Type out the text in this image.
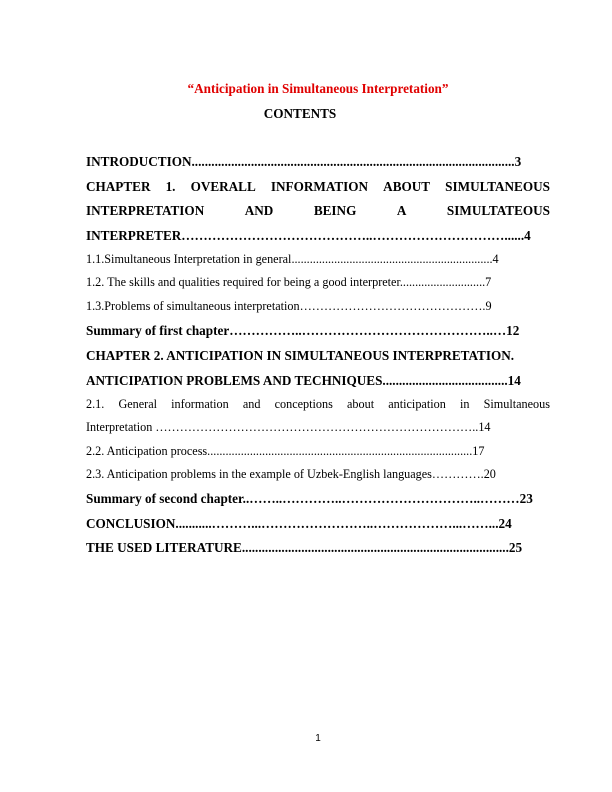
“Anticipation in Simultaneous Interpretation”
CONTENTS
INTRODUCTION..................................................................................................3
CHAPTER 1. OVERALL INFORMATION ABOUT SIMULTANEOUS
INTERPRETATION	AND	BEING	A	SIMULTATEOUS
INTERPRETER……………………………………..…………………………......4
1.1.Simultaneous Interpretation in general..................................................................4
1.2. The skills and qualities required for being a good interpreter............................7
1.3.Problems of simultaneous interpretation……………………………………….9
Summary of first chapter……………..……………………………………..…12
CHAPTER 2. ANTICIPATION IN SIMULTANEOUS INTERPRETATION.
ANTICIPATION PROBLEMS AND TECHNIQUES......................................14
2.1. General information and conceptions about anticipation in Simultaneous
Interpretation ……………………………………………………………………..14
2.2. Anticipation process.......................................................................................17
2.3. Anticipation problems in the example of Uzbek-English languages………….20
Summary of second chapter..……..…………..…………………………..………23
CONCLUSION...........………...……………………..………………...……...24
THE USED LITERATURE.................................................................................25
1
